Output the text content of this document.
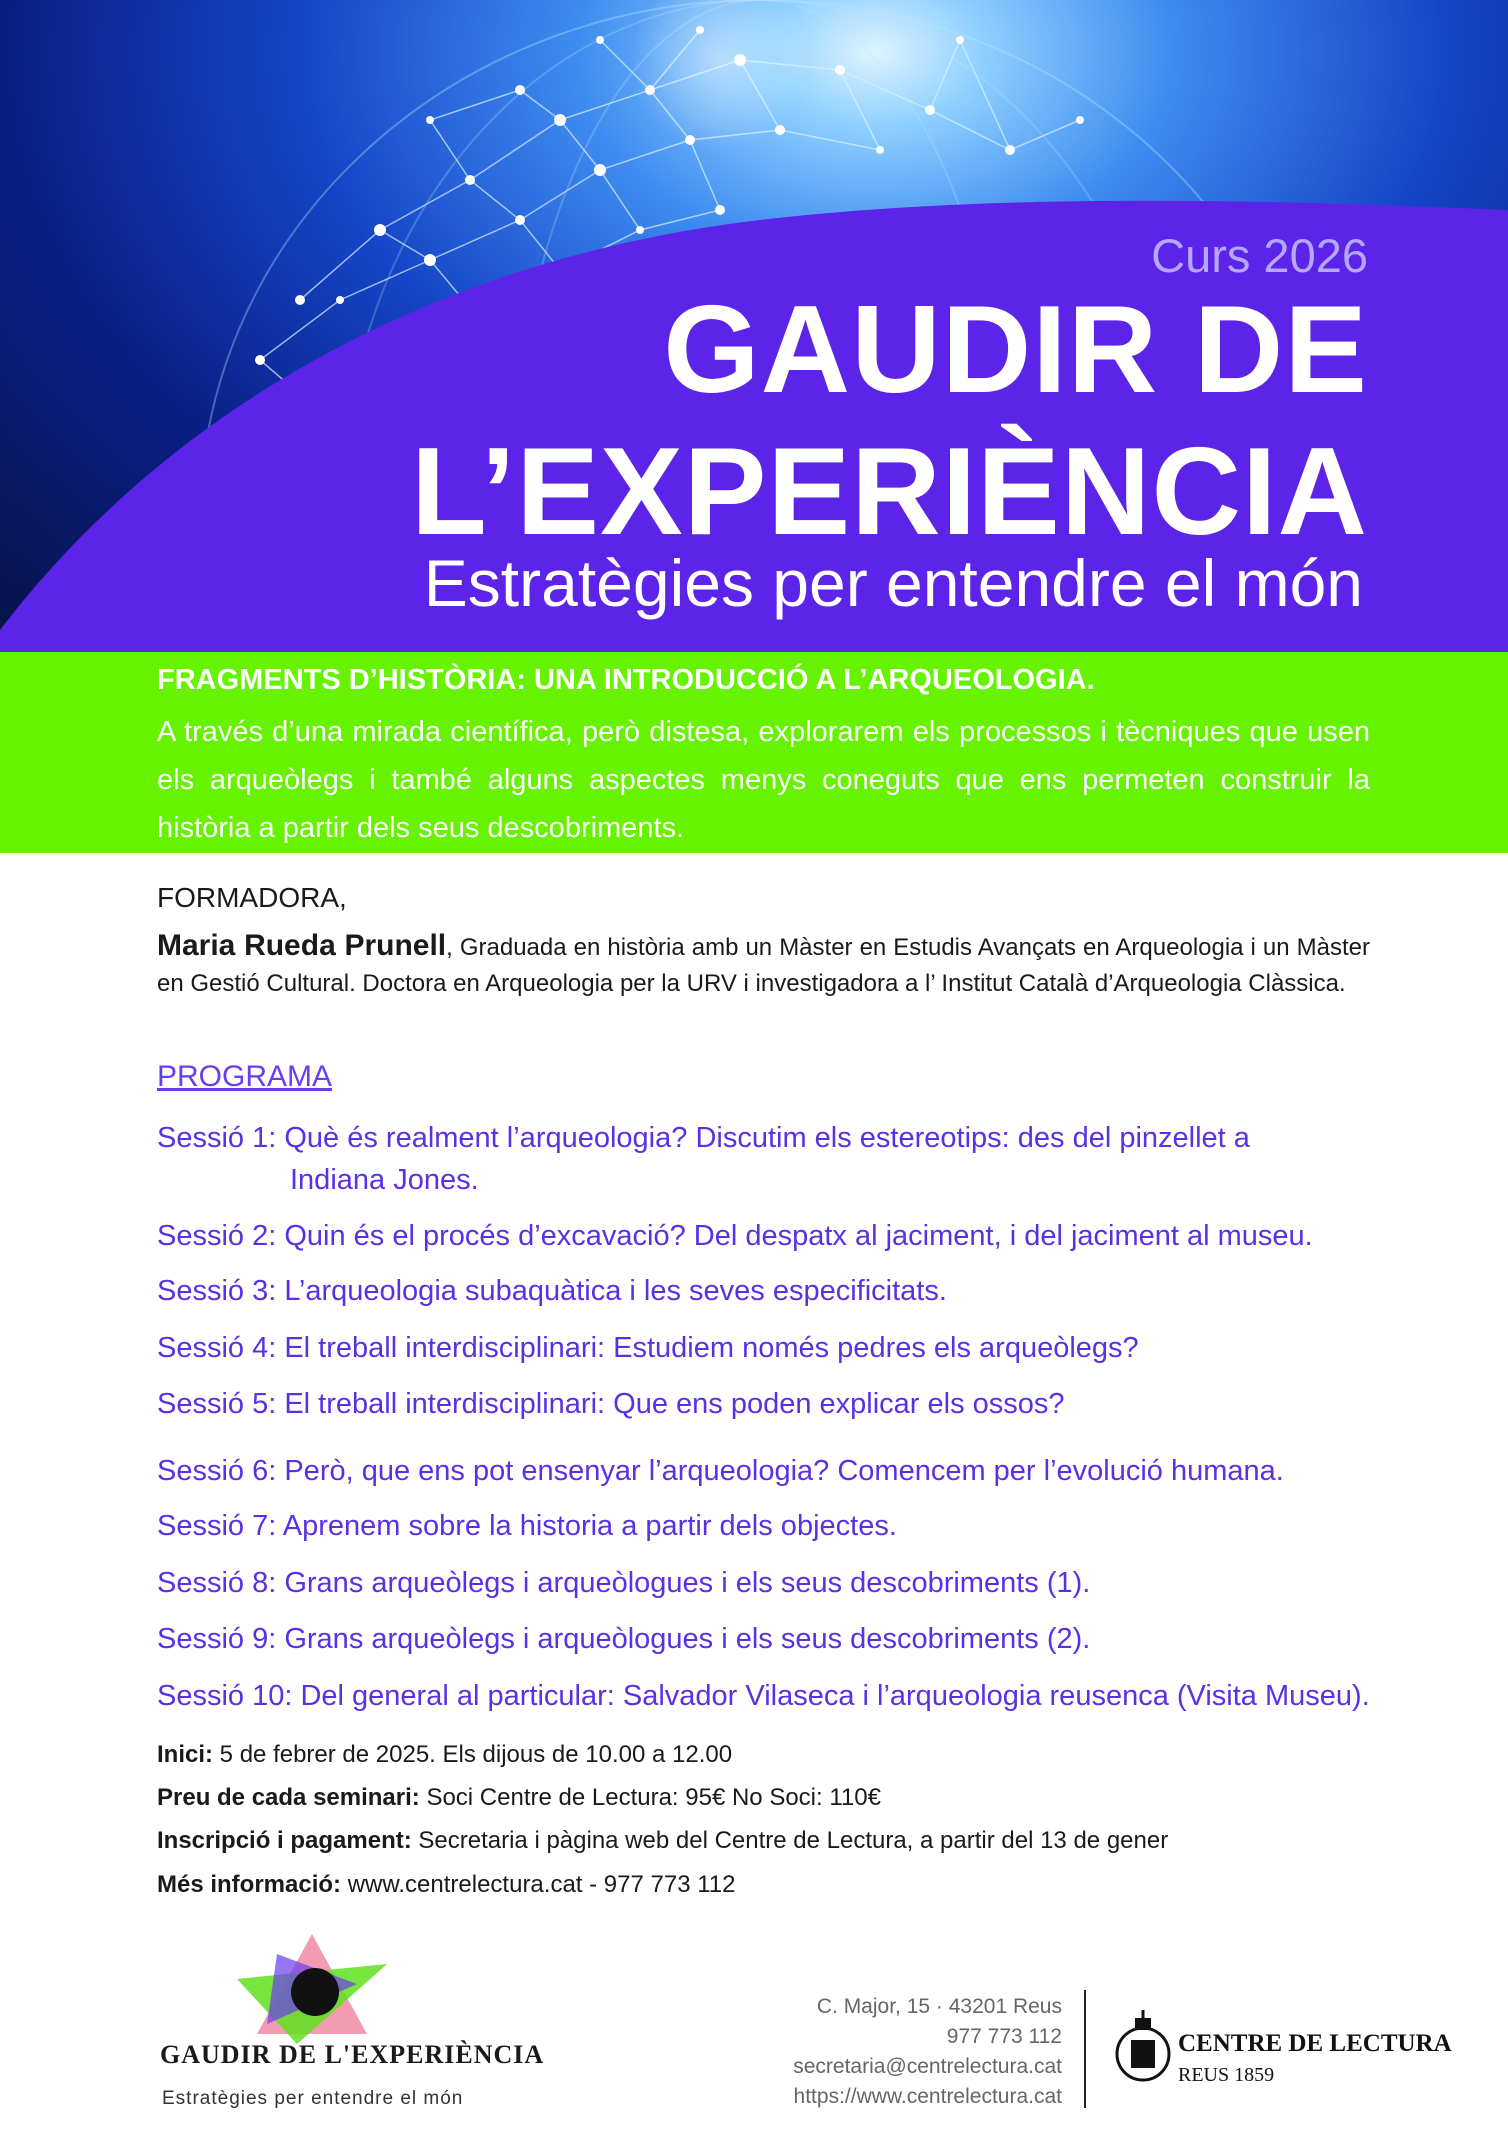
Curs 2026
GAUDIR DE
L’EXPERIÈNCIA
Estratègies per entendre el món
FRAGMENTS D’HISTÒRIA: UNA INTRODUCCIÓ A L’ARQUEOLOGIA.
A través d’una mirada científica, però distesa, explorarem els processos i tècniques que usen els arqueòlegs i també alguns aspectes menys coneguts que ens permeten construir la història a partir dels seus descobriments.
FORMADORA,
Maria Rueda Prunell, Graduada en història amb un Màster en Estudis Avançats en Arqueologia i un Màster en Gestió Cultural. Doctora en Arqueologia per la URV i investigadora a l’ Institut Català d’Arqueologia Clàssica.
PROGRAMA
Sessió 1: Què és realment l’arqueologia? Discutim els estereotips: des del pinzellet a
Indiana Jones.
Sessió 2: Quin és el procés d’excavació? Del despatx al jaciment, i del jaciment al museu.
Sessió 3: L’arqueologia subaquàtica i les seves especificitats.
Sessió 4: El treball interdisciplinari: Estudiem només pedres els arqueòlegs?
Sessió 5: El treball interdisciplinari: Que ens poden explicar els ossos?
Sessió 6: Però, que ens pot ensenyar l’arqueologia? Comencem per l’evolució humana.
Sessió 7: Aprenem sobre la historia a partir dels objectes.
Sessió 8: Grans arqueòlegs i arqueòlogues i els seus descobriments (1).
Sessió 9: Grans arqueòlegs i arqueòlogues i els seus descobriments (2).
Sessió 10: Del general al particular: Salvador Vilaseca i l’arqueologia reusenca (Visita Museu).
Inici: 5 de febrer de 2025. Els dijous de 10.00 a 12.00
Preu de cada seminari: Soci Centre de Lectura: 95€ No Soci: 110€
Inscripció i pagament: Secretaria i pàgina web del Centre de Lectura, a partir del 13 de gener
Més informació: www.centrelectura.cat - 977 773 112
GAUDIR DE L'EXPERIÈNCIA
Estratègies per entendre el món
C. Major, 15 · 43201 Reus
977 773 112
secretaria@centrelectura.cat
https://www.centrelectura.cat
CENTRE DE LECTURA
REUS 1859
